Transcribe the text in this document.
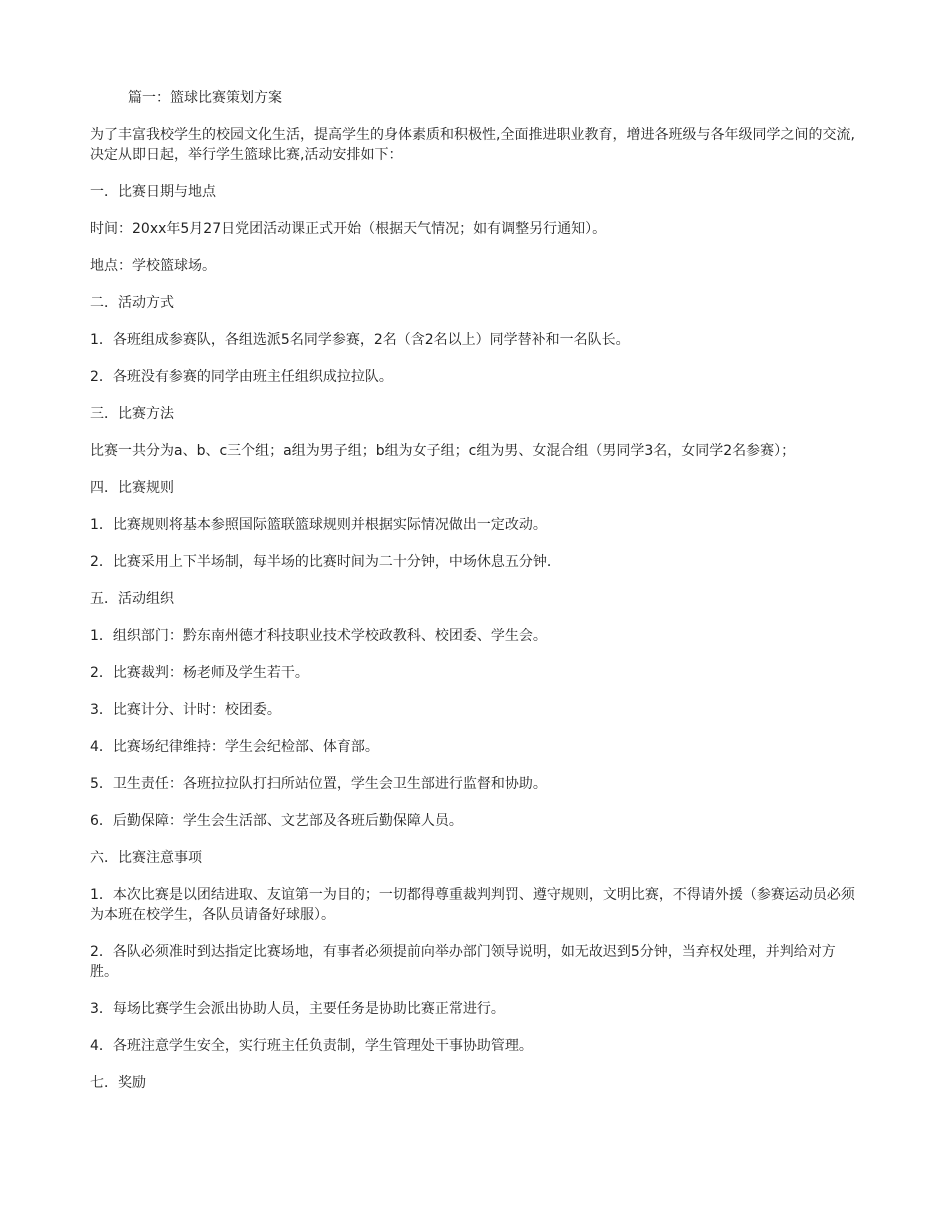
篇一：篮球比赛策划方案

为了丰富我校学生的校园文化生活，提高学生的身体素质和积极性,全面推进职业教育，增进各班级与各年级同学之间的交流,决定从即日起，举行学生篮球比赛,活动安排如下：

一．比赛日期与地点

时间：20xx年5月27日党团活动课正式开始（根据天气情况；如有调整另行通知）。

地点：学校篮球场。

二．活动方式

1．各班组成参赛队，各组选派5名同学参赛，2名（含2名以上）同学替补和一名队长。

2．各班没有参赛的同学由班主任组织成拉拉队。

三．比赛方法

比赛一共分为a、b、c三个组；a组为男子组；b组为女子组；c组为男、女混合组（男同学3名，女同学2名参赛）；

四．比赛规则

1．比赛规则将基本参照国际篮联篮球规则并根据实际情况做出一定改动。

2．比赛采用上下半场制，每半场的比赛时间为二十分钟，中场休息五分钟．

五．活动组织

1．组织部门：黔东南州德才科技职业技术学校政教科、校团委、学生会。

2．比赛裁判：杨老师及学生若干。

3．比赛计分、计时：校团委。

4．比赛场纪律维持：学生会纪检部、体育部。

5．卫生责任：各班拉拉队打扫所站位置，学生会卫生部进行监督和协助。

6．后勤保障：学生会生活部、文艺部及各班后勤保障人员。

六．比赛注意事项

1．本次比赛是以团结进取、友谊第一为目的；一切都得尊重裁判判罚、遵守规则，文明比赛，不得请外援（参赛运动员必须为本班在校学生，各队员请备好球服）。

2．各队必须准时到达指定比赛场地，有事者必须提前向举办部门领导说明，如无故迟到5分钟，当弃权处理，并判给对方胜。

3．每场比赛学生会派出协助人员，主要任务是协助比赛正常进行。

4．各班注意学生安全，实行班主任负责制，学生管理处干事协助管理。

七．奖励
